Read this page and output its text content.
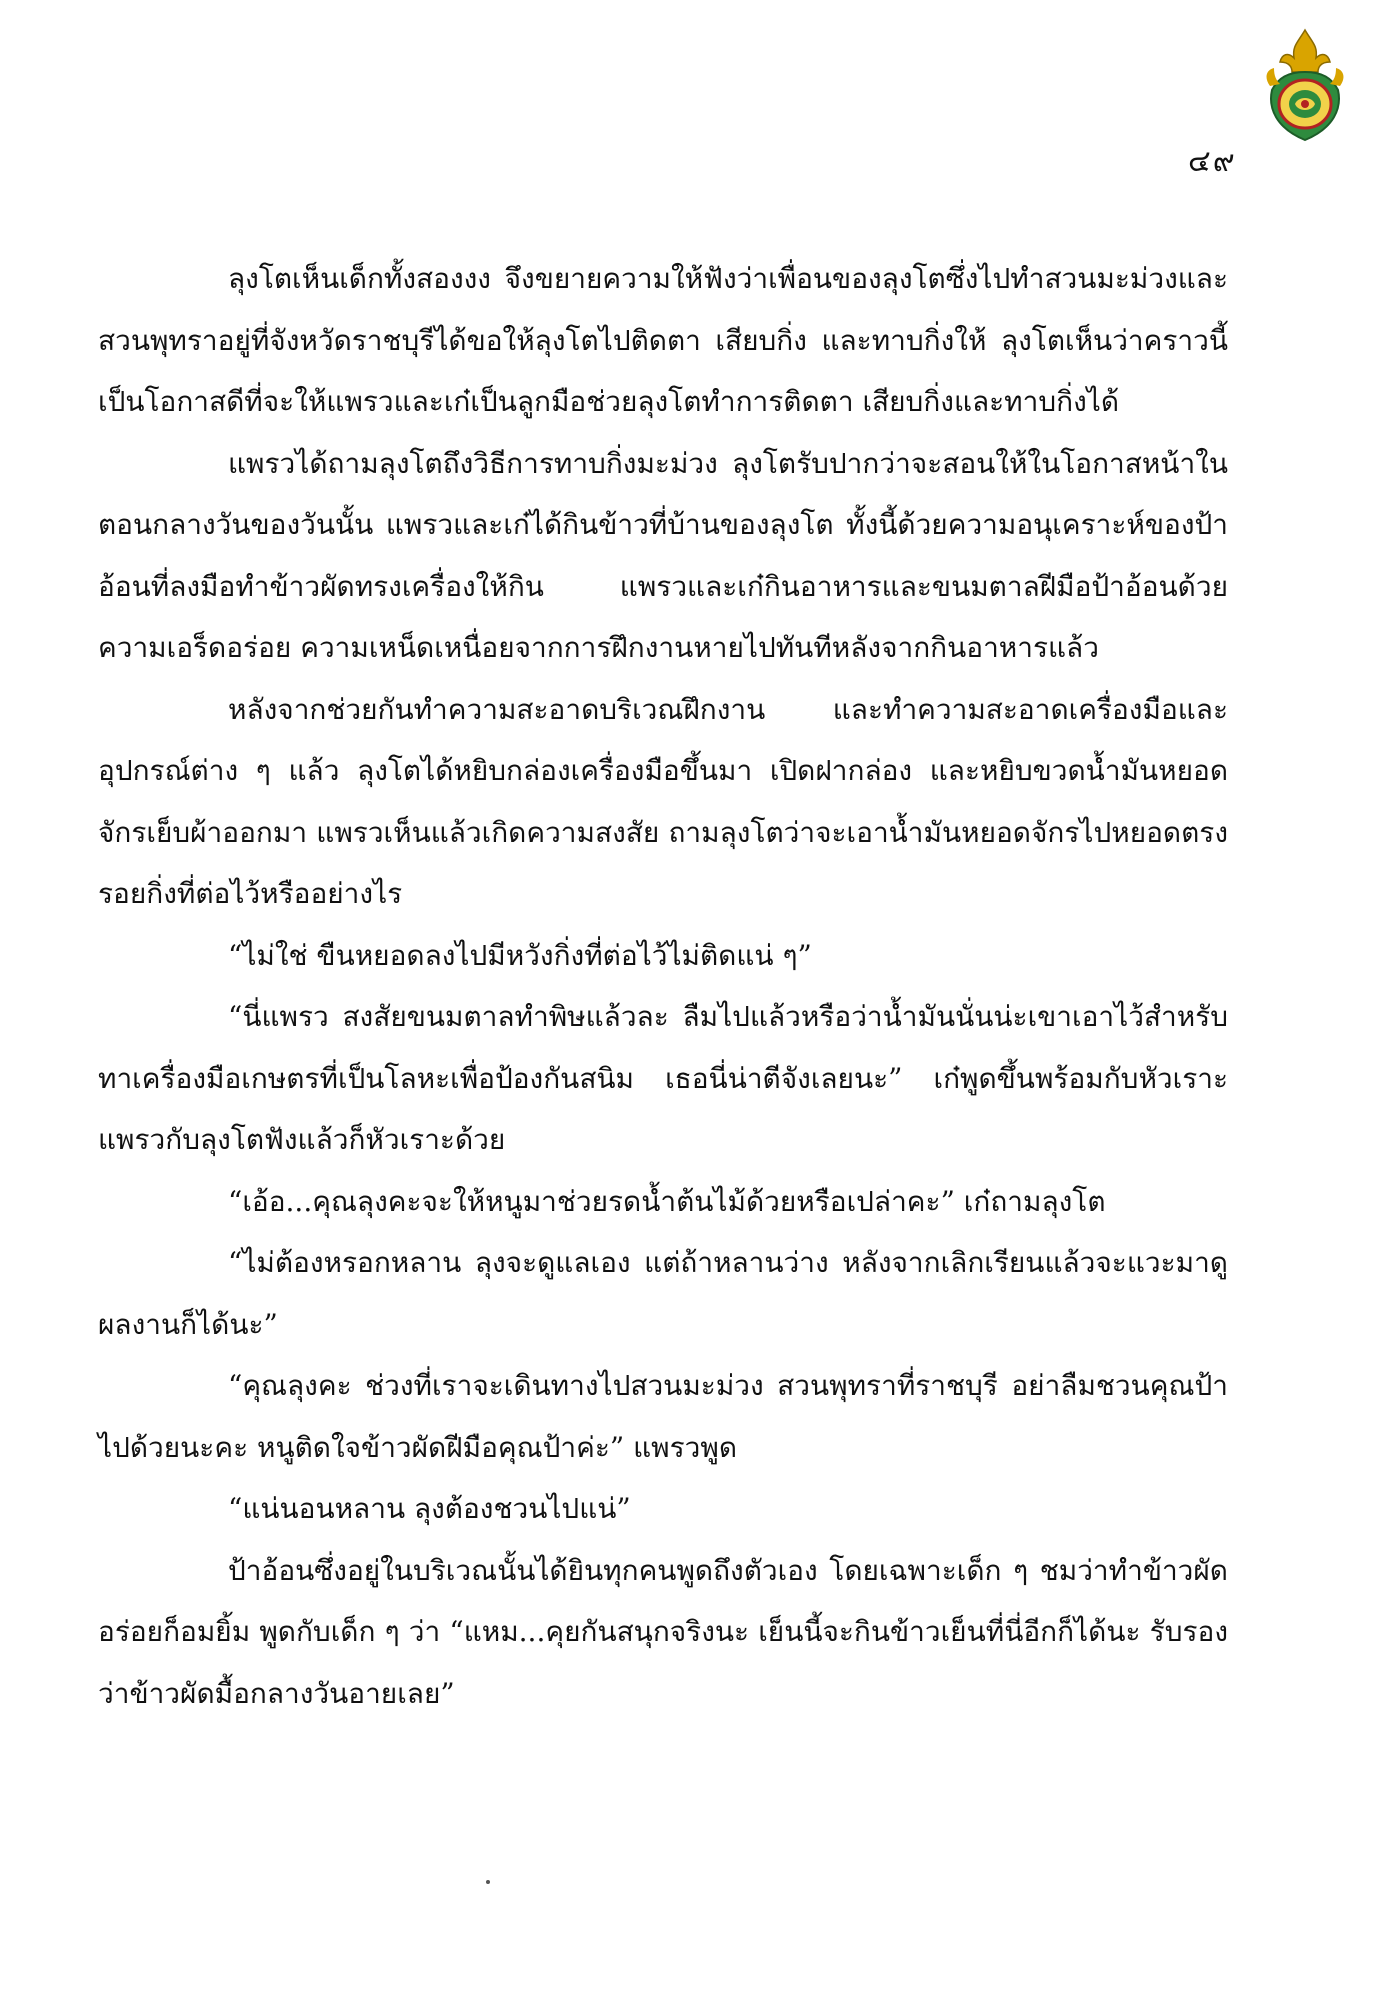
๔๙

ลุงโตเห็นเด็กทั้งสองงง จึงขยายความให้ฟังว่าเพื่อนของลุงโตซึ่งไปทำสวนมะม่วงและสวนพุทราอยู่ที่จังหวัดราชบุรีได้ขอให้ลุงโตไปติดตา เสียบกิ่ง และทาบกิ่งให้ ลุงโตเห็นว่าคราวนี้เป็นโอกาสดีที่จะให้แพรวและเก๋เป็นลูกมือช่วยลุงโตทำการติดตา เสียบกิ่งและทาบกิ่งได้

แพรวได้ถามลุงโตถึงวิธีการทาบกิ่งมะม่วง ลุงโตรับปากว่าจะสอนให้ในโอกาสหน้าในตอนกลางวันของวันนั้น แพรวและเก๋ได้กินข้าวที่บ้านของลุงโต ทั้งนี้ด้วยความอนุเคราะห์ของป้าอ้อนที่ลงมือทำข้าวผัดทรงเครื่องให้กิน แพรวและเก๋กินอาหารและขนมตาลฝีมือป้าอ้อนด้วยความเอร็ดอร่อย ความเหน็ดเหนื่อยจากการฝึกงานหายไปทันทีหลังจากกินอาหารแล้ว

หลังจากช่วยกันทำความสะอาดบริเวณฝึกงาน และทำความสะอาดเครื่องมือและอุปกรณ์ต่าง ๆ แล้ว ลุงโตได้หยิบกล่องเครื่องมือขึ้นมา เปิดฝากล่อง และหยิบขวดน้ำมันหยอดจักรเย็บผ้าออกมา แพรวเห็นแล้วเกิดความสงสัย ถามลุงโตว่าจะเอาน้ำมันหยอดจักรไปหยอดตรงรอยกิ่งที่ต่อไว้หรืออย่างไร

“ไม่ใช่ ขืนหยอดลงไปมีหวังกิ่งที่ต่อไว้ไม่ติดแน่ ๆ”

“นี่แพรว สงสัยขนมตาลทำพิษแล้วละ ลืมไปแล้วหรือว่าน้ำมันนั่นน่ะเขาเอาไว้สำหรับทาเครื่องมือเกษตรที่เป็นโลหะเพื่อป้องกันสนิม เธอนี่น่าตีจังเลยนะ” เก๋พูดขึ้นพร้อมกับหัวเราะ แพรวกับลุงโตฟังแล้วก็หัวเราะด้วย

“เอ้อ...คุณลุงคะจะให้หนูมาช่วยรดน้ำต้นไม้ด้วยหรือเปล่าคะ” เก๋ถามลุงโต

“ไม่ต้องหรอกหลาน ลุงจะดูแลเอง แต่ถ้าหลานว่าง หลังจากเลิกเรียนแล้วจะแวะมาดูผลงานก็ได้นะ”

“คุณลุงคะ ช่วงที่เราจะเดินทางไปสวนมะม่วง สวนพุทราที่ราชบุรี อย่าลืมชวนคุณป้าไปด้วยนะคะ หนูติดใจข้าวผัดฝีมือคุณป้าค่ะ” แพรวพูด

“แน่นอนหลาน ลุงต้องชวนไปแน่”

ป้าอ้อนซึ่งอยู่ในบริเวณนั้นได้ยินทุกคนพูดถึงตัวเอง โดยเฉพาะเด็ก ๆ ชมว่าทำข้าวผัดอร่อยก็อมยิ้ม พูดกับเด็ก ๆ ว่า “แหม...คุยกันสนุกจริงนะ เย็นนี้จะกินข้าวเย็นที่นี่อีกก็ได้นะ รับรองว่าข้าวผัดมื้อกลางวันอายเลย”
